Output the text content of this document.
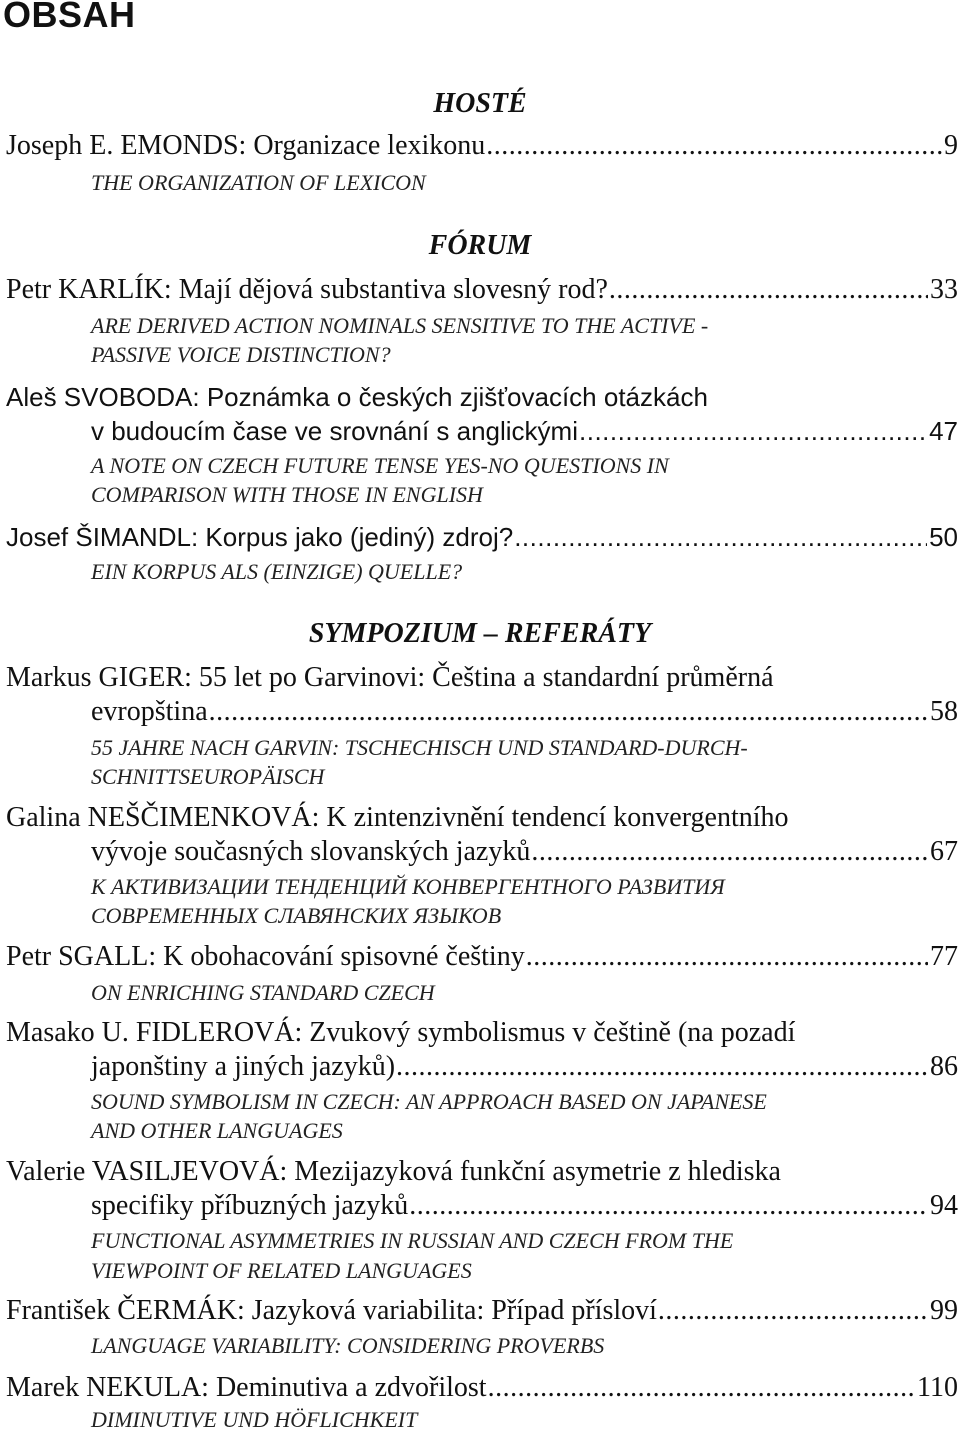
OBSAH
HOSTÉ
Joseph E. EMONDS: Organizace lexikonu .....	9
THE ORGANIZATION OF LEXICON
FÓRUM
Petr KARLÍK: Mají dějová substantiva slovesný rod? .....	33
ARE DERIVED ACTION NOMINALS SENSITIVE TO THE ACTIVE -
PASSIVE VOICE DISTINCTION?
Aleš SVOBODA: Poznámka o českých zjišťovacích otázkách
v budoucím čase ve srovnání s anglickými .....	47
A NOTE ON CZECH FUTURE TENSE YES-NO QUESTIONS IN
COMPARISON WITH THOSE IN ENGLISH
Josef ŠIMANDL: Korpus jako (jediný) zdroj? .....	50
EIN KORPUS ALS (EINZIGE) QUELLE?
SYMPOZIUM – REFERÁTY
Markus GIGER: 55 let po Garvinovi: Čeština a standardní průměrná
evropština .....	58
55 JAHRE NACH GARVIN: TSCHECHISCH UND STANDARD-DURCH-
SCHNITTSEUROPÄISCH
Galina NEŠČIMENKOVÁ: K zintenzivnění tendencí konvergentního
vývoje současných slovanských jazyků .....	67
К АКТИВИЗАЦИИ ТЕНДЕНЦИЙ КОНВЕРГЕНТНОГО РАЗВИТИЯ
СОВРЕМЕННЫХ СЛАВЯНСКИХ ЯЗЫКОВ
Petr SGALL: K obohacování spisovné češtiny .....	77
ON ENRICHING STANDARD CZECH
Masako U. FIDLEROVÁ: Zvukový symbolismus v češtině (na pozadí
japonštiny a jiných jazyků) .....	86
SOUND SYMBOLISM IN CZECH: AN APPROACH BASED ON JAPANESE
AND OTHER LANGUAGES
Valerie VASILJEVOVÁ: Mezijazyková funkční asymetrie z hlediska
specifiky příbuzných jazyků .....	94
FUNCTIONAL ASYMMETRIES IN RUSSIAN AND CZECH FROM THE
VIEWPOINT OF RELATED LANGUAGES
František ČERMÁK: Jazyková variabilita: Případ přísloví .....	99
LANGUAGE VARIABILITY: CONSIDERING PROVERBS
Marek NEKULA: Deminutiva a zdvořilost .....	110
DIMINUTIVE UND HÖFLICHKEIT
